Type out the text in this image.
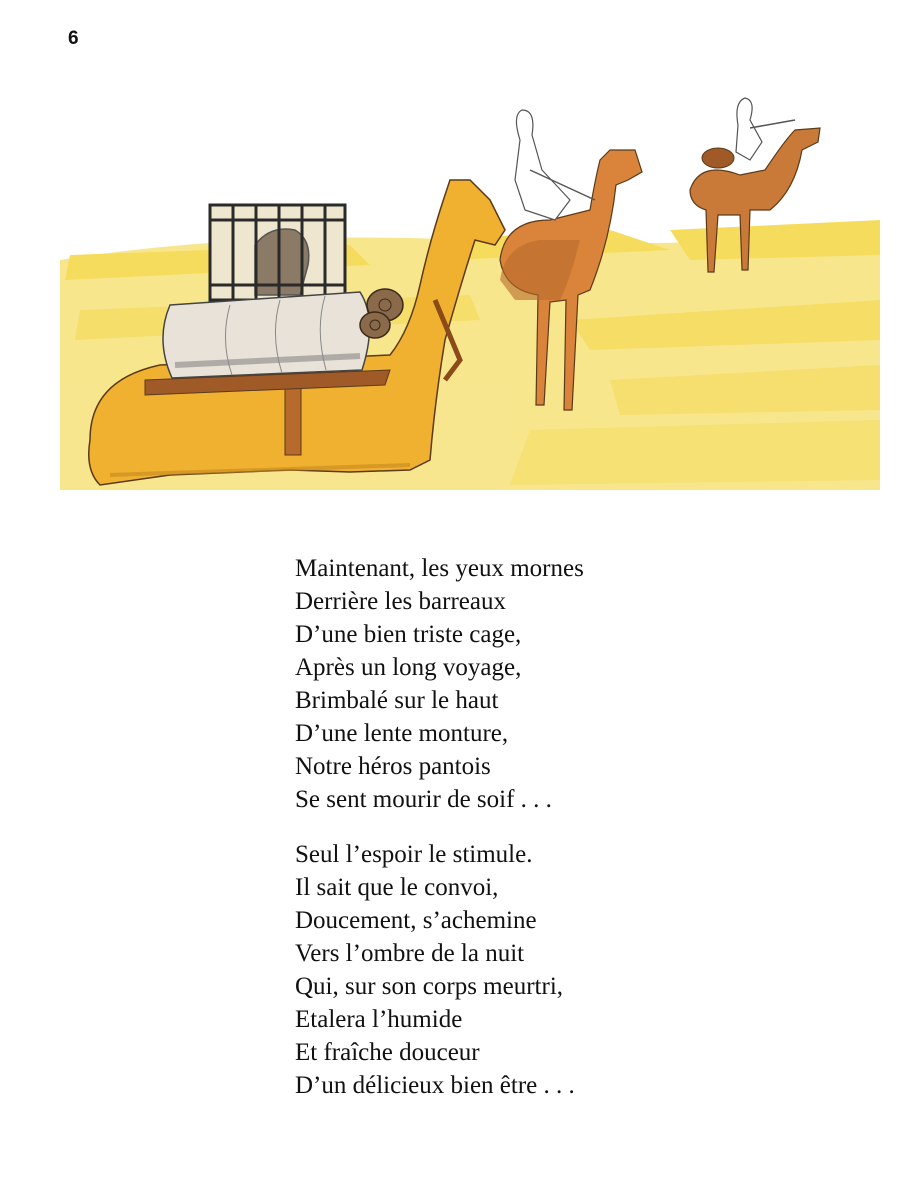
6
Maintenant, les yeux mornes
Derrière les barreaux
D’une bien triste cage,
Après un long voyage,
Brimbalé sur le haut
D’une lente monture,
Notre héros pantois
Se sent mourir de soif . . .
Seul l’espoir le stimule.
Il sait que le convoi,
Doucement, s’achemine
Vers l’ombre de la nuit
Qui, sur son corps meurtri,
Etalera l’humide
Et fraîche douceur
D’un délicieux bien être . . .
